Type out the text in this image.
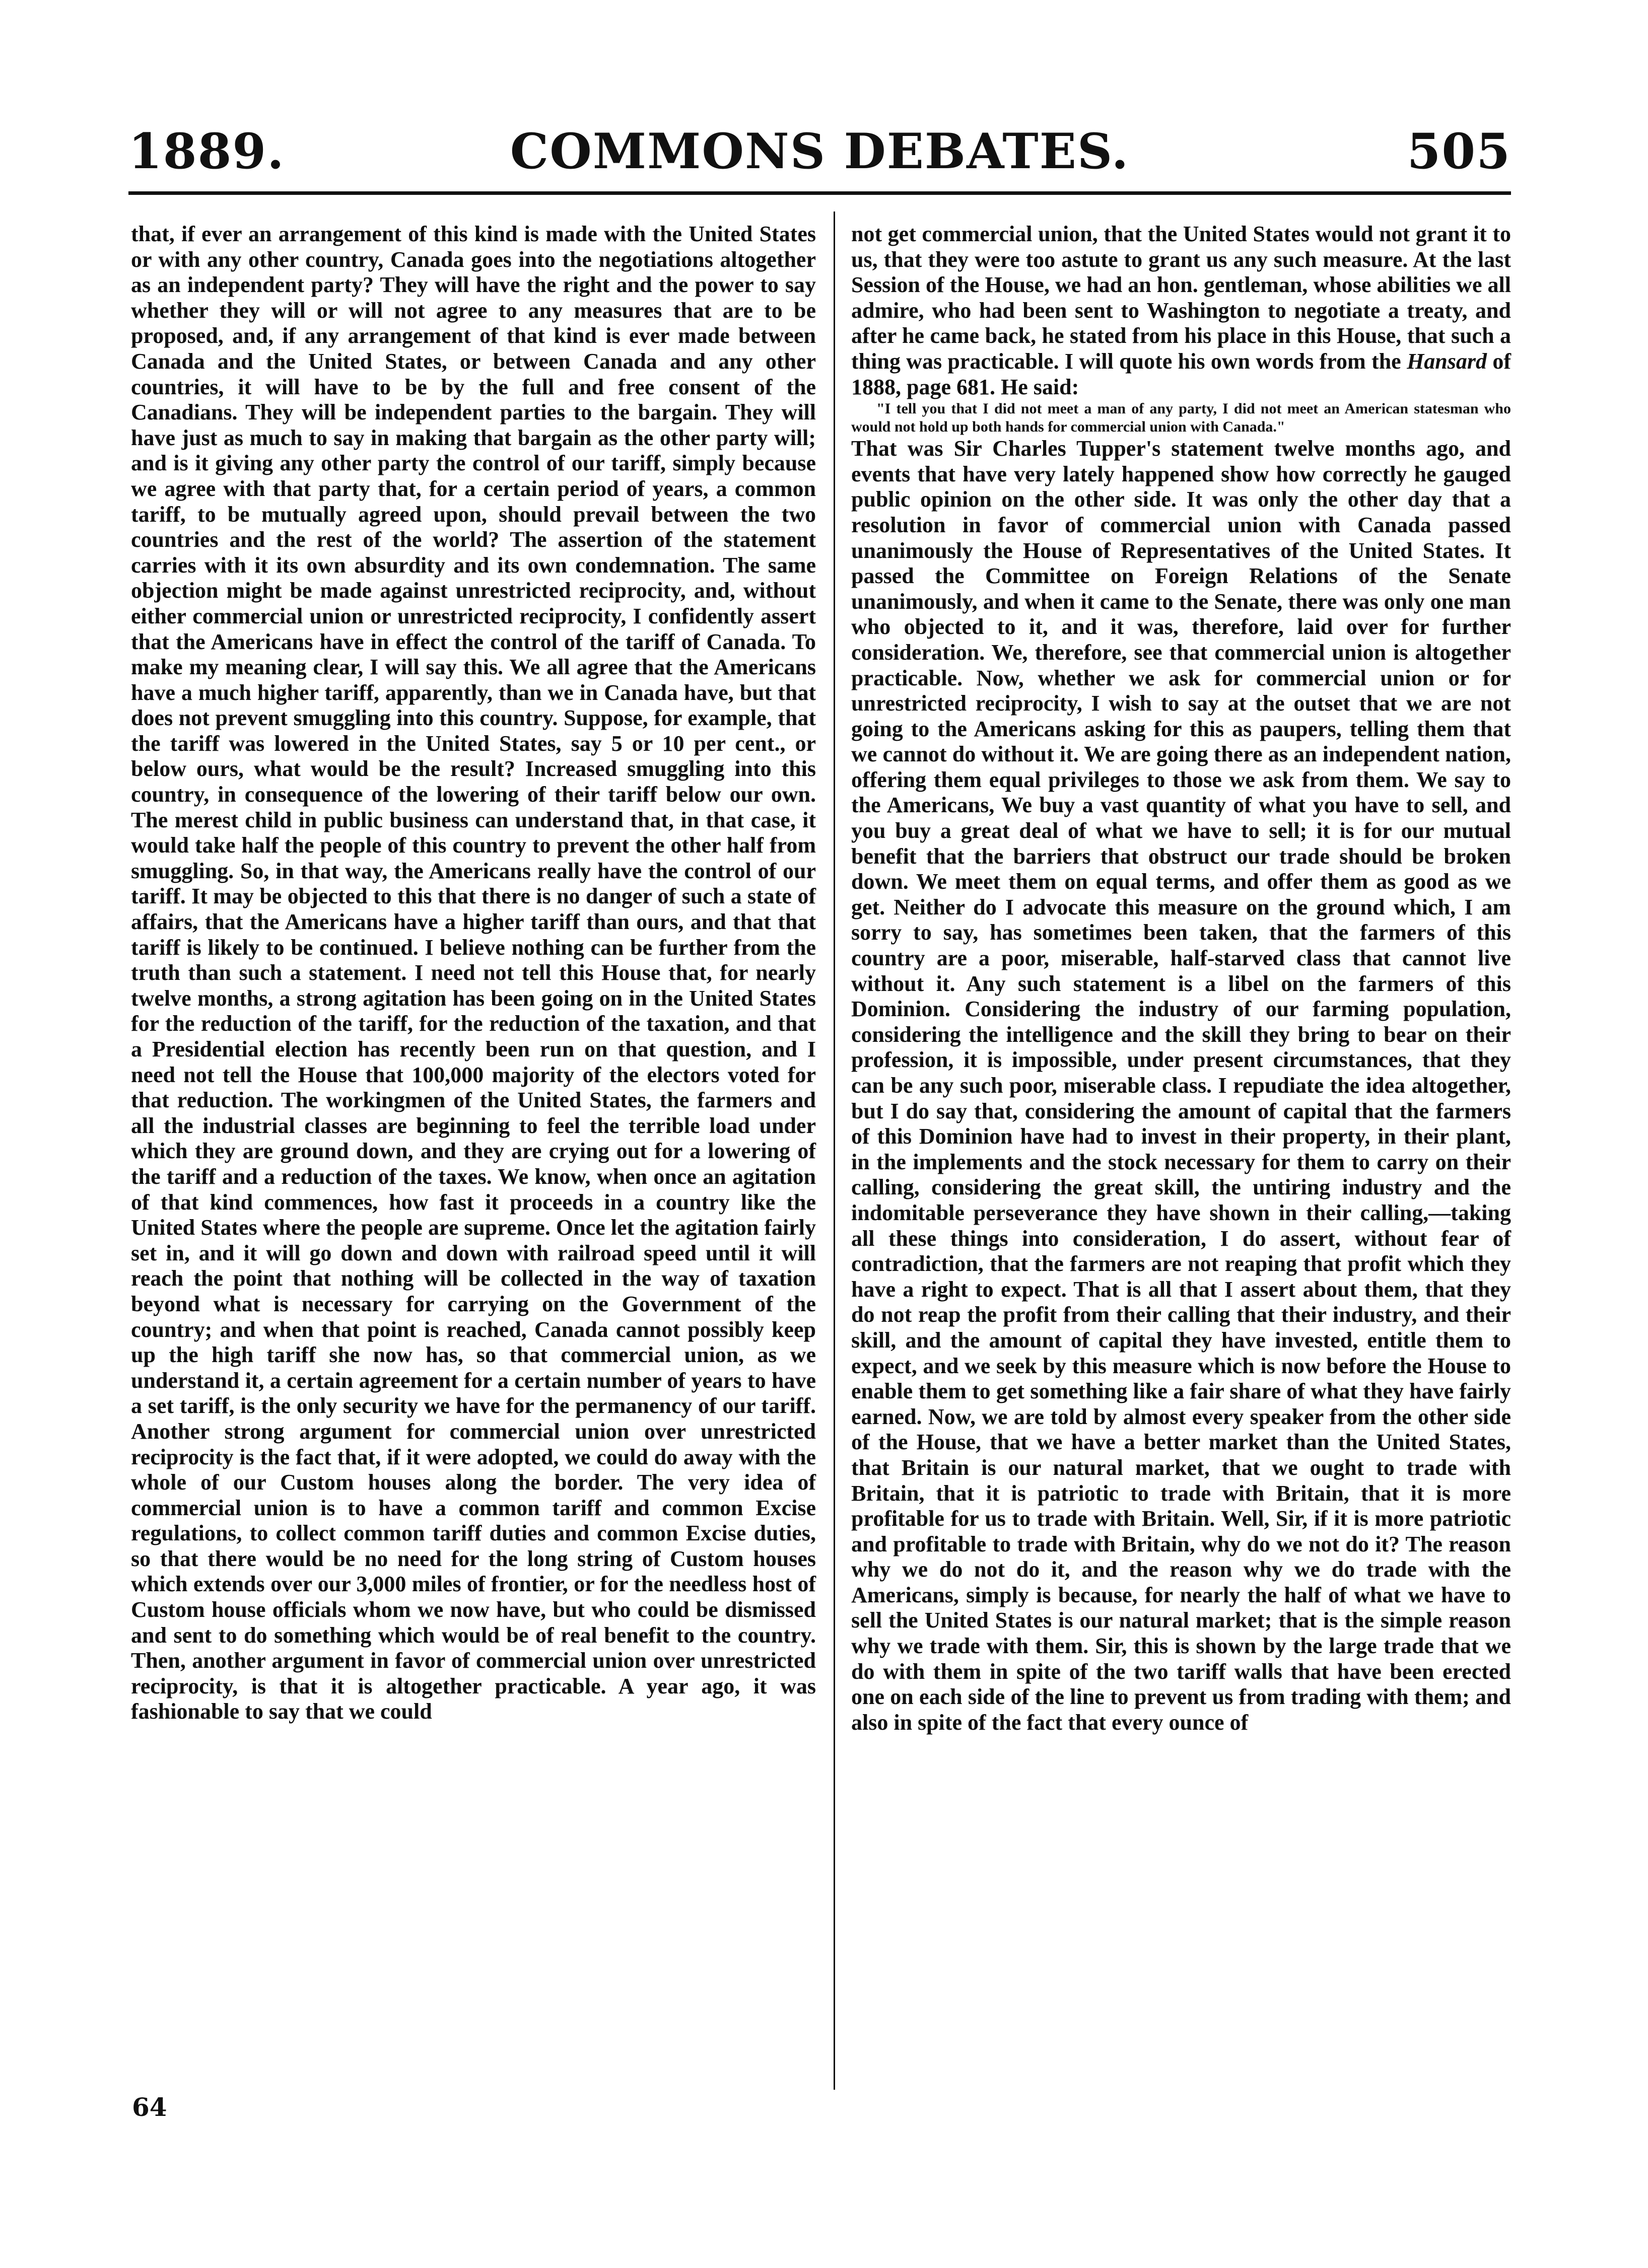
1889.	COMMONS DEBATES.	505

that, if ever an arrangement of this kind is made with the United States or with any other country, Canada goes into the negotiations altogether as an independent party? They will have the right and the power to say whether they will or will not agree to any measures that are to be proposed, and, if any arrangement of that kind is ever made between Canada and the United States, or between Canada and any other countries, it will have to be by the full and free consent of the Canadians. They will be independent parties to the bargain. They will have just as much to say in making that bargain as the other party will; and is it giving any other party the control of our tariff, simply because we agree with that party that, for a certain period of years, a common tariff, to be mutually agreed upon, should prevail between the two countries and the rest of the world? The assertion of the statement carries with it its own absurdity and its own condemnation. The same objection might be made against unrestricted reciprocity, and, without either commercial union or unrestricted reciprocity, I confidently assert that the Americans have in effect the control of the tariff of Canada. To make my meaning clear, I will say this. We all agree that the Americans have a much higher tariff, apparently, than we in Canada have, but that does not prevent smuggling into this country. Suppose, for example, that the tariff was lowered in the United States, say 5 or 10 per cent., or below ours, what would be the result? Increased smuggling into this country, in consequence of the lowering of their tariff below our own. The merest child in public business can understand that, in that case, it would take half the people of this country to prevent the other half from smuggling. So, in that way, the Americans really have the control of our tariff. It may be objected to this that there is no danger of such a state of affairs, that the Americans have a higher tariff than ours, and that that tariff is likely to be continued. I believe nothing can be further from the truth than such a statement. I need not tell this House that, for nearly twelve months, a strong agitation has been going on in the United States for the reduction of the tariff, for the reduction of the taxation, and that a Presidential election has recently been run on that question, and I need not tell the House that 100,000 majority of the electors voted for that reduction. The workingmen of the United States, the farmers and all the industrial classes are beginning to feel the terrible load under which they are ground down, and they are crying out for a lowering of the tariff and a reduction of the taxes. We know, when once an agitation of that kind commences, how fast it proceeds in a country like the United States where the people are supreme. Once let the agitation fairly set in, and it will go down and down with railroad speed until it will reach the point that nothing will be collected in the way of taxation beyond what is necessary for carrying on the Government of the country; and when that point is reached, Canada cannot possibly keep up the high tariff she now has, so that commercial union, as we understand it, a certain agreement for a certain number of years to have a set tariff, is the only security we have for the permanency of our tariff. Another strong argument for commercial union over unrestricted reciprocity is the fact that, if it were adopted, we could do away with the whole of our Custom houses along the border. The very idea of commercial union is to have a common tariff and common Excise regulations, to collect common tariff duties and common Excise duties, so that there would be no need for the long string of Custom houses which extends over our 3,000 miles of frontier, or for the needless host of Custom house officials whom we now have, but who could be dismissed and sent to do something which would be of real benefit to the country. Then, another argument in favor of commercial union over unrestricted reciprocity, is that it is altogether practicable. A year ago, it was fashionable to say that we could

not get commercial union, that the United States would not grant it to us, that they were too astute to grant us any such measure. At the last Session of the House, we had an hon. gentleman, whose abilities we all admire, who had been sent to Washington to negotiate a treaty, and after he came back, he stated from his place in this House, that such a thing was practicable. I will quote his own words from the Hansard of 1888, page 681. He said:

"I tell you that I did not meet a man of any party, I did not meet an American statesman who would not hold up both hands for commercial union with Canada."

That was Sir Charles Tupper's statement twelve months ago, and events that have very lately happened show how correctly he gauged public opinion on the other side. It was only the other day that a resolution in favor of commercial union with Canada passed unanimously the House of Representatives of the United States. It passed the Committee on Foreign Relations of the Senate unanimously, and when it came to the Senate, there was only one man who objected to it, and it was, therefore, laid over for further consideration. We, therefore, see that commercial union is altogether practicable. Now, whether we ask for commercial union or for unrestricted reciprocity, I wish to say at the outset that we are not going to the Americans asking for this as paupers, telling them that we cannot do without it. We are going there as an independent nation, offering them equal privileges to those we ask from them. We say to the Americans, We buy a vast quantity of what you have to sell, and you buy a great deal of what we have to sell; it is for our mutual benefit that the barriers that obstruct our trade should be broken down. We meet them on equal terms, and offer them as good as we get. Neither do I advocate this measure on the ground which, I am sorry to say, has sometimes been taken, that the farmers of this country are a poor, miserable, half-starved class that cannot live without it. Any such statement is a libel on the farmers of this Dominion. Considering the industry of our farming population, considering the intelligence and the skill they bring to bear on their profession, it is impossible, under present circumstances, that they can be any such poor, miserable class. I repudiate the idea altogether, but I do say that, considering the amount of capital that the farmers of this Dominion have had to invest in their property, in their plant, in the implements and the stock necessary for them to carry on their calling, considering the great skill, the untiring industry and the indomitable perseverance they have shown in their calling,—taking all these things into consideration, I do assert, without fear of contradiction, that the farmers are not reaping that profit which they have a right to expect. That is all that I assert about them, that they do not reap the profit from their calling that their industry, and their skill, and the amount of capital they have invested, entitle them to expect, and we seek by this measure which is now before the House to enable them to get something like a fair share of what they have fairly earned. Now, we are told by almost every speaker from the other side of the House, that we have a better market than the United States, that Britain is our natural market, that we ought to trade with Britain, that it is patriotic to trade with Britain, that it is more profitable for us to trade with Britain. Well, Sir, if it is more patriotic and profitable to trade with Britain, why do we not do it? The reason why we do not do it, and the reason why we do trade with the Americans, simply is because, for nearly the half of what we have to sell the United States is our natural market; that is the simple reason why we trade with them. Sir, this is shown by the large trade that we do with them in spite of the two tariff walls that have been erected one on each side of the line to prevent us from trading with them; and also in spite of the fact that every ounce of

64
